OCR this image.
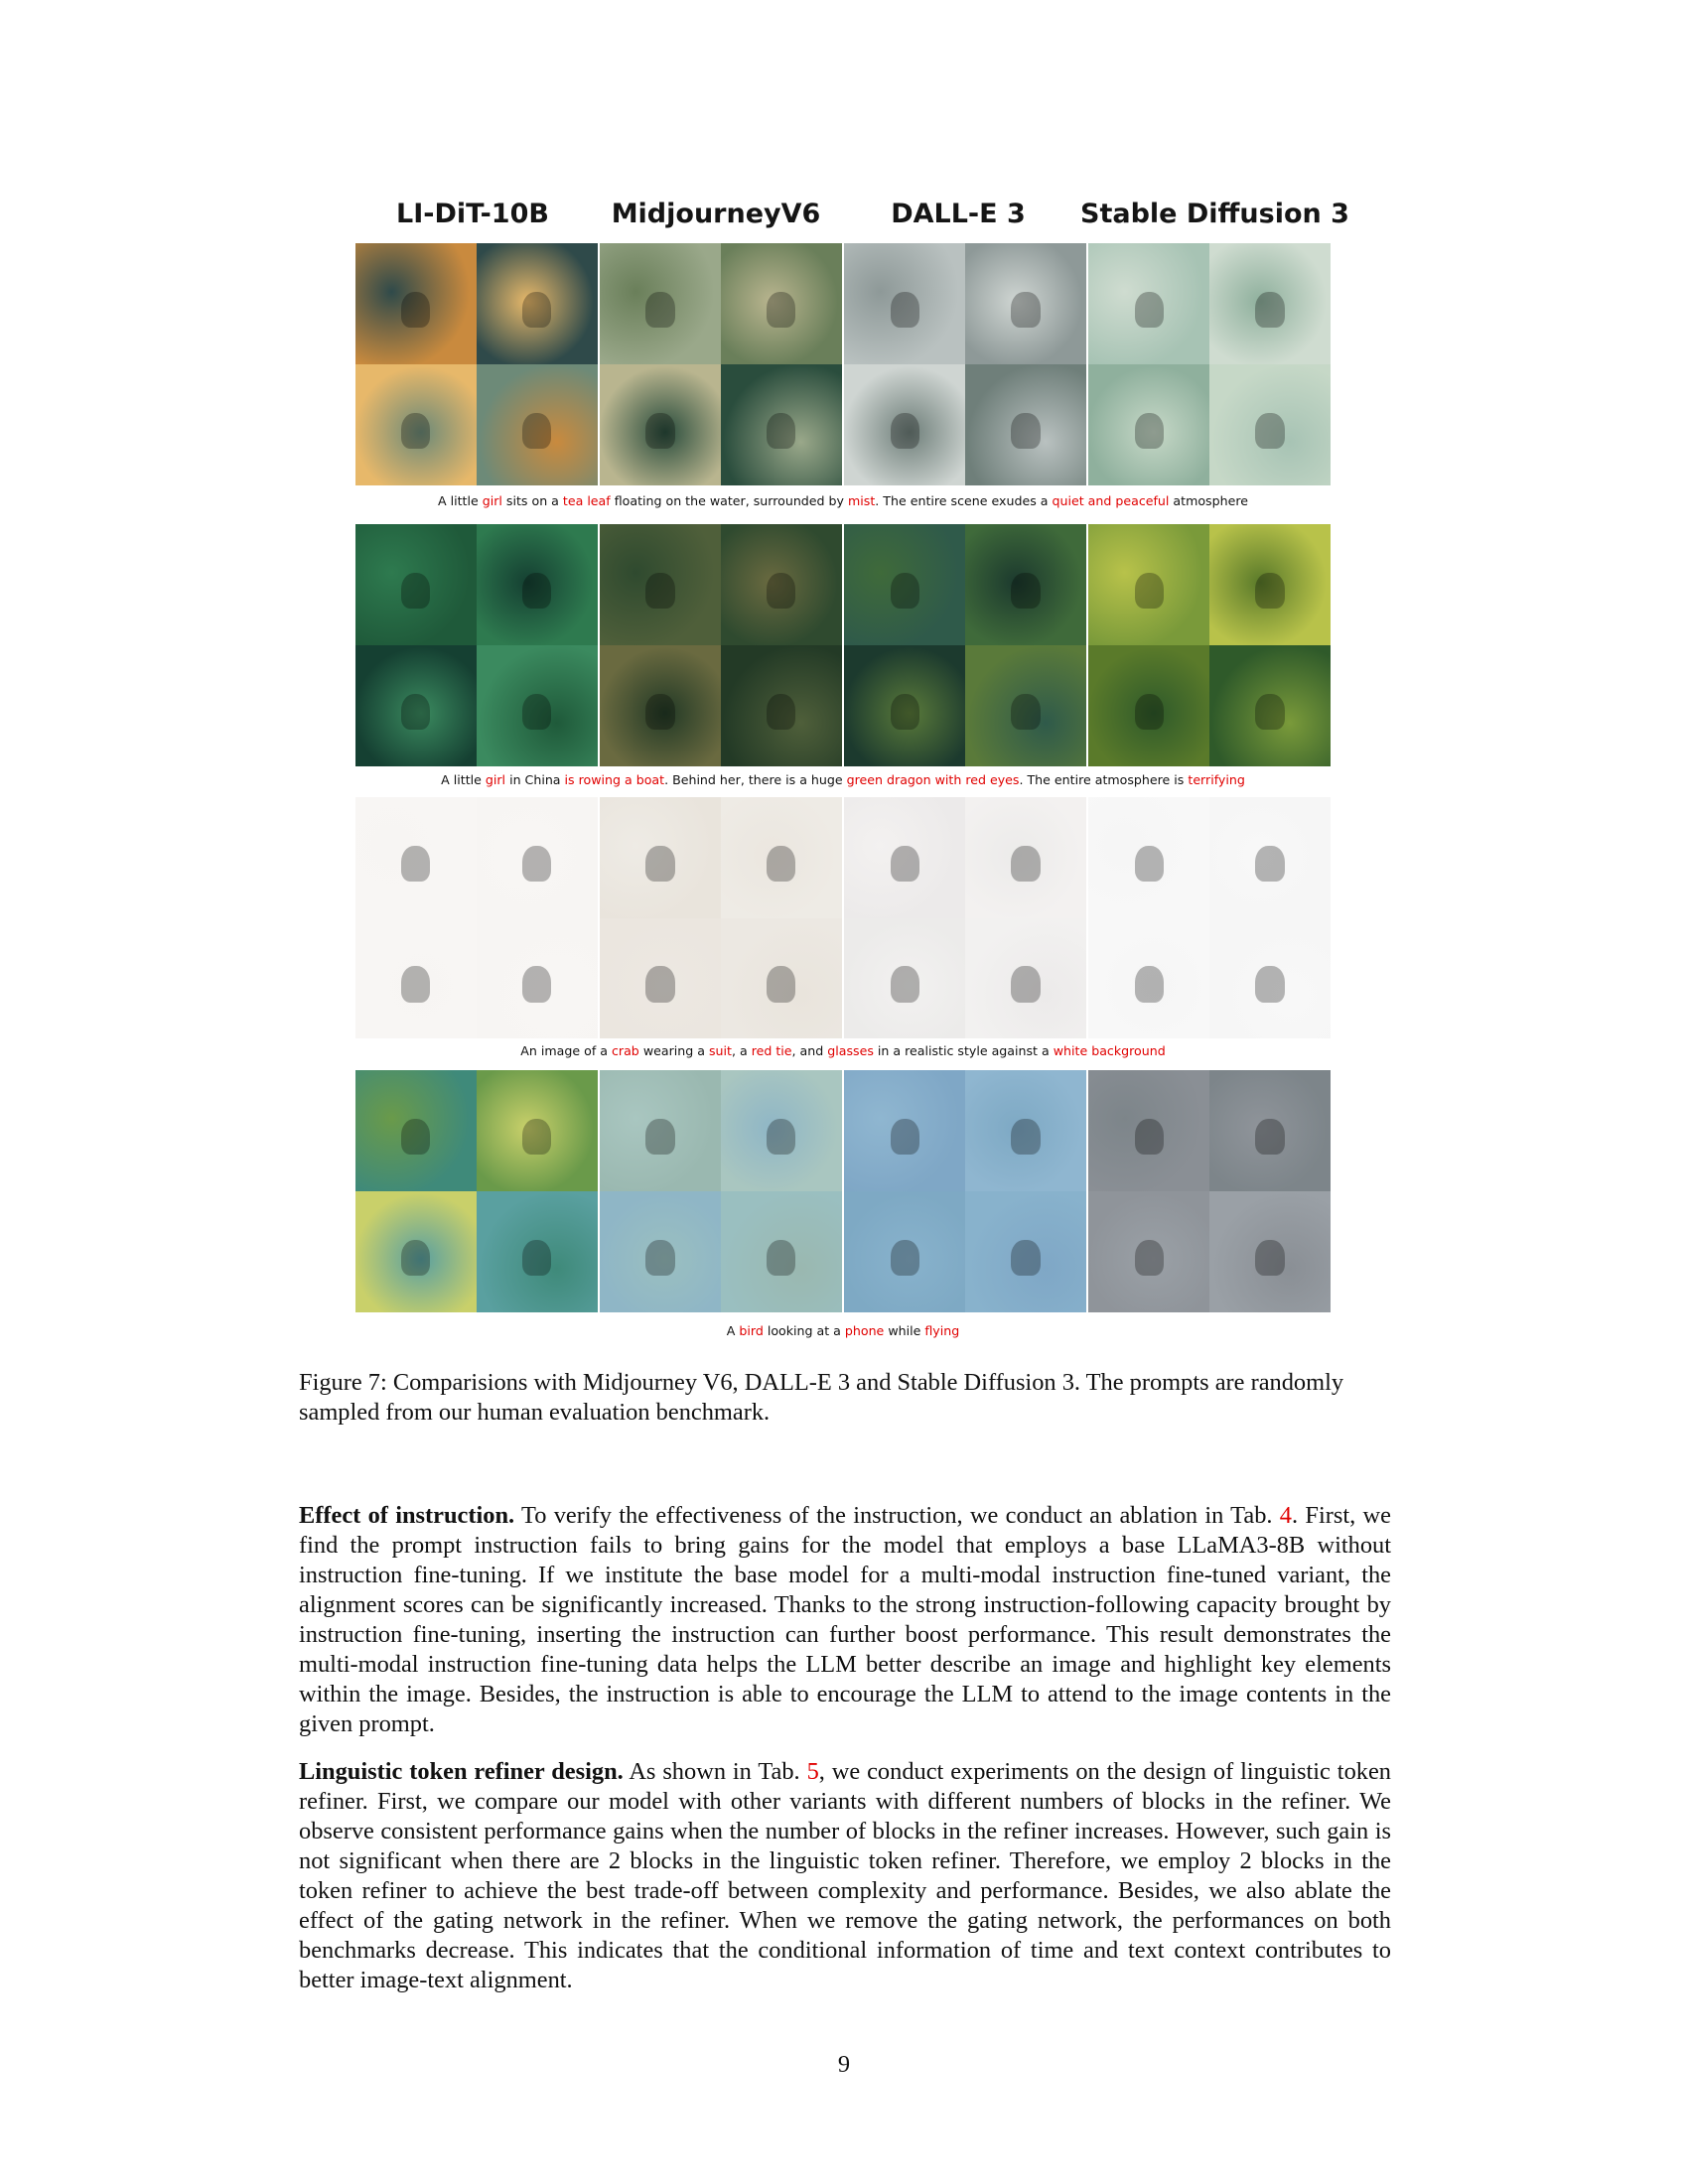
LI-DiT-10B	MidjourneyV6	DALL-E 3	Stable Diffusion 3
A little girl sits on a tea leaf floating on the water, surrounded by mist. The entire scene exudes a quiet and peaceful atmosphere
A little girl in China is rowing a boat. Behind her, there is a huge green dragon with red eyes. The entire atmosphere is terrifying
An image of a crab wearing a suit, a red tie, and glasses in a realistic style against a white background
A bird looking at a phone while flying
Figure 7: Comparisions with Midjourney V6, DALL-E 3 and Stable Diffusion 3. The prompts are randomly sampled from our human evaluation benchmark.
Effect of instruction. To verify the effectiveness of the instruction, we conduct an ablation in Tab. 4. First, we find the prompt instruction fails to bring gains for the model that employs a base LLaMA3-8B without instruction fine-tuning. If we institute the base model for a multi-modal instruction fine-tuned variant, the alignment scores can be significantly increased. Thanks to the strong instruction-following capacity brought by instruction fine-tuning, inserting the instruction can further boost performance. This result demonstrates the multi-modal instruction fine-tuning data helps the LLM better describe an image and highlight key elements within the image. Besides, the instruction is able to encourage the LLM to attend to the image contents in the given prompt.
Linguistic token refiner design. As shown in Tab. 5, we conduct experiments on the design of linguistic token refiner. First, we compare our model with other variants with different numbers of blocks in the refiner. We observe consistent performance gains when the number of blocks in the refiner increases. However, such gain is not significant when there are 2 blocks in the linguistic token refiner. Therefore, we employ 2 blocks in the token refiner to achieve the best trade-off between complexity and performance. Besides, we also ablate the effect of the gating network in the refiner. When we remove the gating network, the performances on both benchmarks decrease. This indicates that the conditional information of time and text context contributes to better image-text alignment.
9
